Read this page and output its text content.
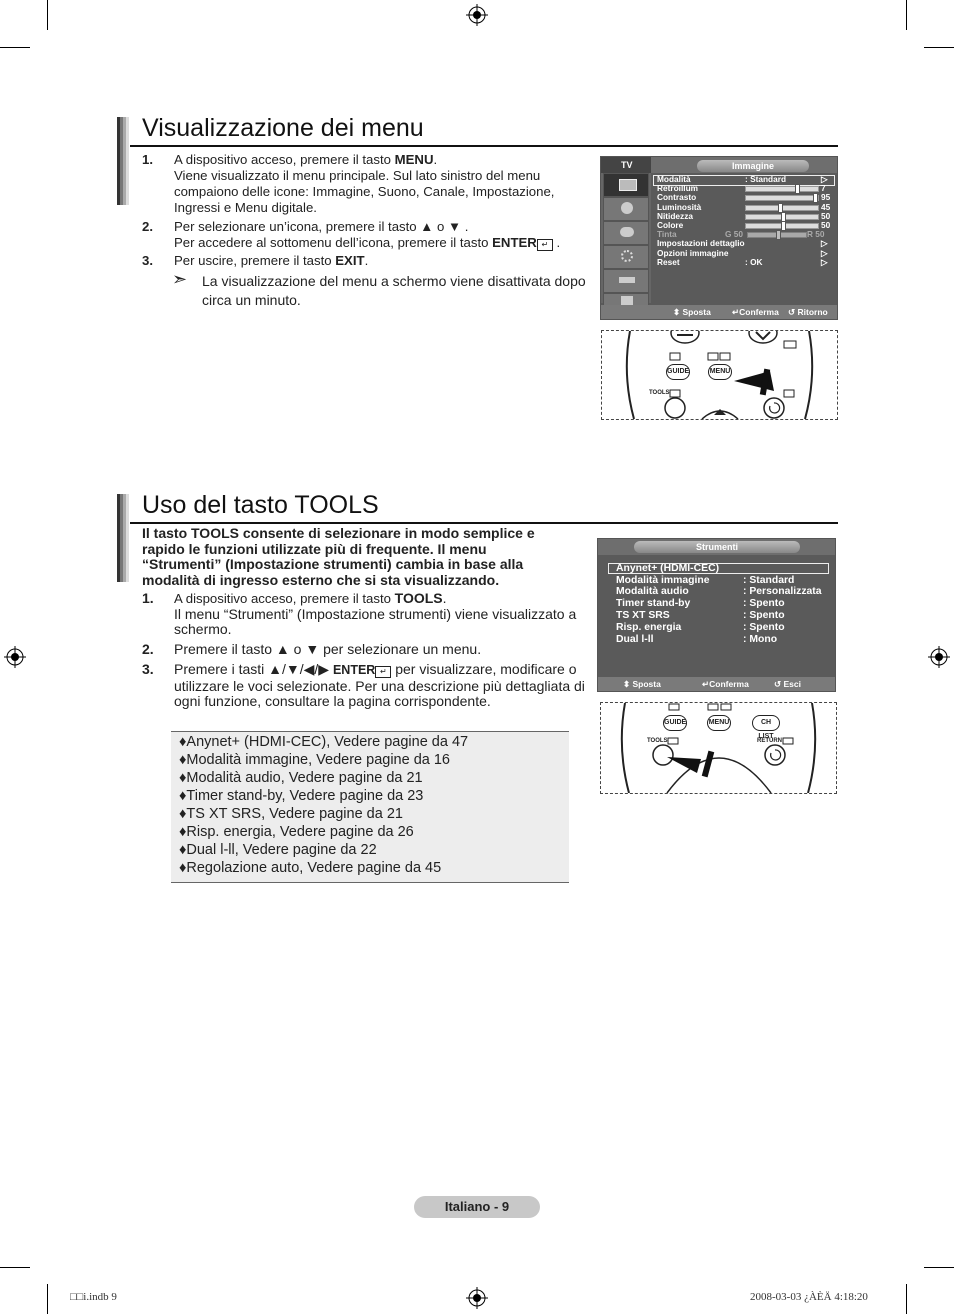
Visualizzazione dei menu
1. A dispositivo acceso, premere il tasto MENU.
Viene visualizzato il menu principale. Sul lato sinistro del menu compaiono delle icone: Immagine, Suono, Canale, Impostazione, Ingressi e Menu digitale.
2. Per selezionare un’icona, premere il tasto ▲ o ▼ .
Per accedere al sottomenu dell’icona, premere il tasto ENTER ↵ .
3. Per uscire, premere il tasto EXIT.
➣ La visualizzazione del menu a schermo viene disattivata dopo circa un minuto.
TV	Immagine
Modalità	: Standard	▷
Retroillum	7
Contrasto	95
Luminosità	45
Nitidezza	50
Colore	50
Tinta	G 50	R 50
Impostazioni dettaglio	▷
Opzioni immagine	▷
Reset	: OK	▷
⬍ Sposta ↵Conferma ↺ Ritorno
GUIDE	MENU
TOOLS
Uso del tasto TOOLS
Il tasto TOOLS consente di selezionare in modo semplice e rapido le funzioni utilizzate più di frequente. Il menu “Strumenti” (Impostazione strumenti) cambia in base alla modalità di ingresso esterno che si sta visualizzando.
1. A dispositivo acceso, premere il tasto TOOLS.
Il menu “Strumenti” (Impostazione strumenti) viene visualizzato a schermo.
2. Premere il tasto ▲ o ▼ per selezionare un menu.
3. Premere i tasti ▲/▼/◀/▶ ENTER ↵ per visualizzare, modificare o utilizzare le voci selezionate. Per una descrizione più dettagliata di ogni funzione, consultare la pagina corrispondente.
♦Anynet+ (HDMI-CEC), Vedere pagine da 47
♦Modalità immagine, Vedere pagine da 16
♦Modalità audio, Vedere pagine da 21
♦Timer stand-by, Vedere pagine da 23
♦TS XT SRS, Vedere pagine da 21
♦Risp. energia, Vedere pagine da 26
♦Dual l-ll, Vedere pagine da 22
♦Regolazione auto, Vedere pagine da 45
Strumenti
Anynet+ (HDMI-CEC)
Modalità immagine	: Standard
Modalità audio	: Personalizzata
Timer stand-by	: Spento
TS XT SRS	: Spento
Risp. energia	: Spento
Dual l-ll	: Mono
⬍ Sposta	↵Conferma	↺ Esci
GUIDE	MENU	CH LIST
TOOLS	RETURN
Italiano - 9
□□i.indb 9	2008-03-03 ¿ÀÈÄ 4:18:20
